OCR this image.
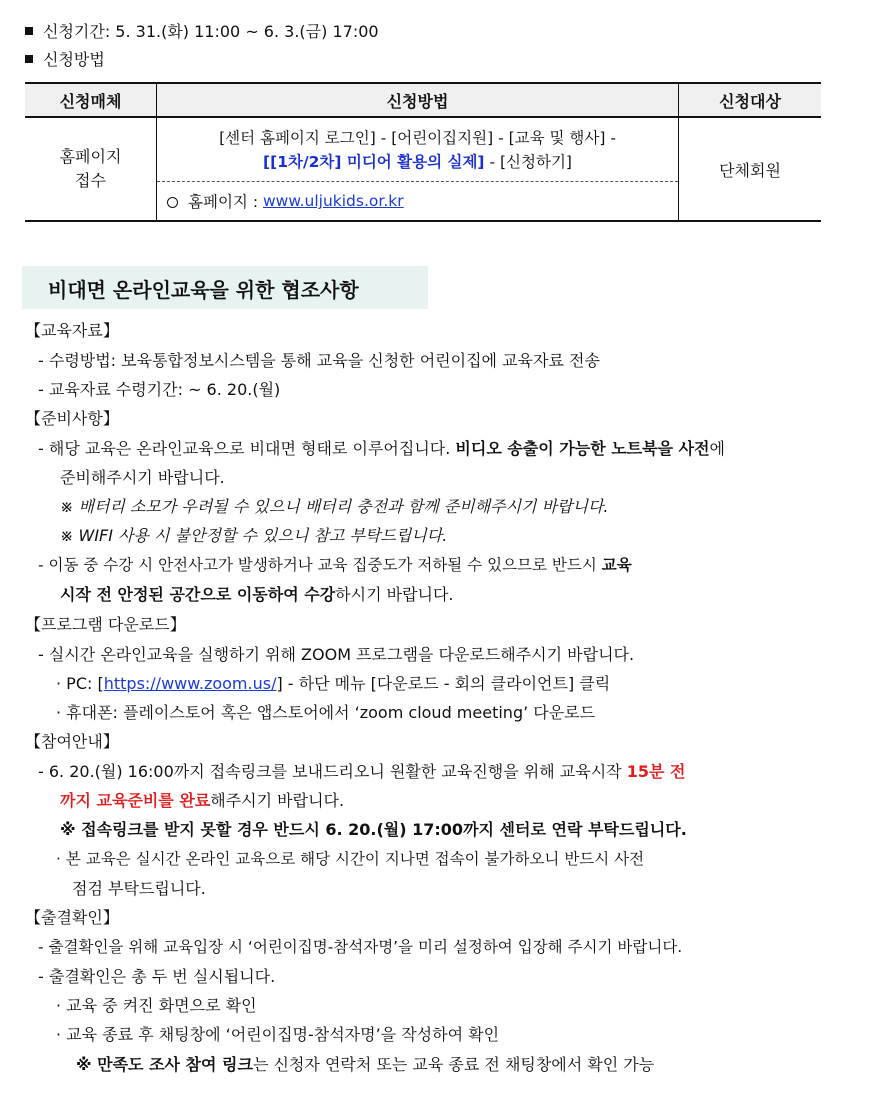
신청기간: 5. 31.(화) 11:00 ~ 6. 3.(금) 17:00
신청방법
신청매체	신청방법	신청대상
홈페이지
접수
[센터 홈페이지 로그인] - [어린이집지원] - [교육 및 행사] -
[[1차/2차] 미디어 활용의 실제] - [신청하기]
홈페이지 :
www.uljukids.or.kr
단체회원
비대면 온라인교육을 위한 협조사항
【교육자료】
- 수령방법: 보육통합정보시스템을 통해 교육을 신청한 어린이집에 교육자료 전송
- 교육자료 수령기간: ~ 6. 20.(월)
【준비사항】
- 해당 교육은 온라인교육으로 비대면 형태로 이루어집니다. 비디오 송출이 가능한 노트북을 사전에
준비해주시기 바랍니다.
※ 배터리 소모가 우려될 수 있으니 배터리 충전과 함께 준비해주시기 바랍니다.
※ WIFI 사용 시 불안정할 수 있으니 참고 부탁드립니다.
- 이동 중 수강 시 안전사고가 발생하거나 교육 집중도가 저하될 수 있으므로 반드시 교육
시작 전 안정된 공간으로 이동하여 수강하시기 바랍니다.
【프로그램 다운로드】
- 실시간 온라인교육을 실행하기 위해 ZOOM 프로그램을 다운로드해주시기 바랍니다.
· PC: [https://www.zoom.us/] - 하단 메뉴 [다운로드 - 회의 클라이언트] 클릭
· 휴대폰: 플레이스토어 혹은 앱스토어에서 ‘zoom cloud meeting’ 다운로드
【참여안내】
- 6. 20.(월) 16:00까지 접속링크를 보내드리오니 원활한 교육진행을 위해 교육시작 15분 전
까지 교육준비를 완료해주시기 바랍니다.
※ 접속링크를 받지 못할 경우 반드시 6. 20.(월) 17:00까지 센터로 연락 부탁드립니다.
· 본 교육은 실시간 온라인 교육으로 해당 시간이 지나면 접속이 불가하오니 반드시 사전
점검 부탁드립니다.
【출결확인】
- 출결확인을 위해 교육입장 시 ‘어린이집명-참석자명’을 미리 설정하여 입장해 주시기 바랍니다.
- 출결확인은 총 두 번 실시됩니다.
· 교육 중 켜진 화면으로 확인
· 교육 종료 후 채팅창에 ‘어린이집명-참석자명’을 작성하여 확인
※ 만족도 조사 참여 링크는 신청자 연락처 또는 교육 종료 전 채팅창에서 확인 가능
